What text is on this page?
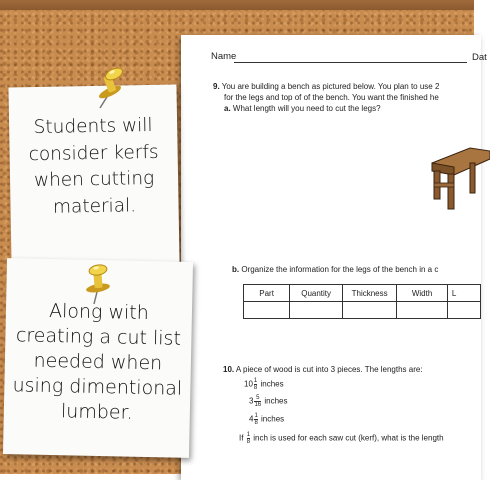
Name	Dat
9. You are building a bench as pictured below. You plan to use 2
for the legs and top of of the bench. You want the finished he
a. What length will you need to cut the legs?
b. Organize the information for the legs of the bench in a c
Part	Quantity	Thickness	Width	L

10. A piece of wood is cut into 3 pieces. The lengths are:
$10 \frac{1}{8}$ inches
$3 \frac{5}{16}$ inches
$4 \frac{1}{8}$ inches
If $\frac{1}{8}$ inch is used for each saw cut (kerf), what is the length
Students will
consider kerfs
when cutting
material.
Along with
creating a cut list
needed when
using dimentional
lumber.
